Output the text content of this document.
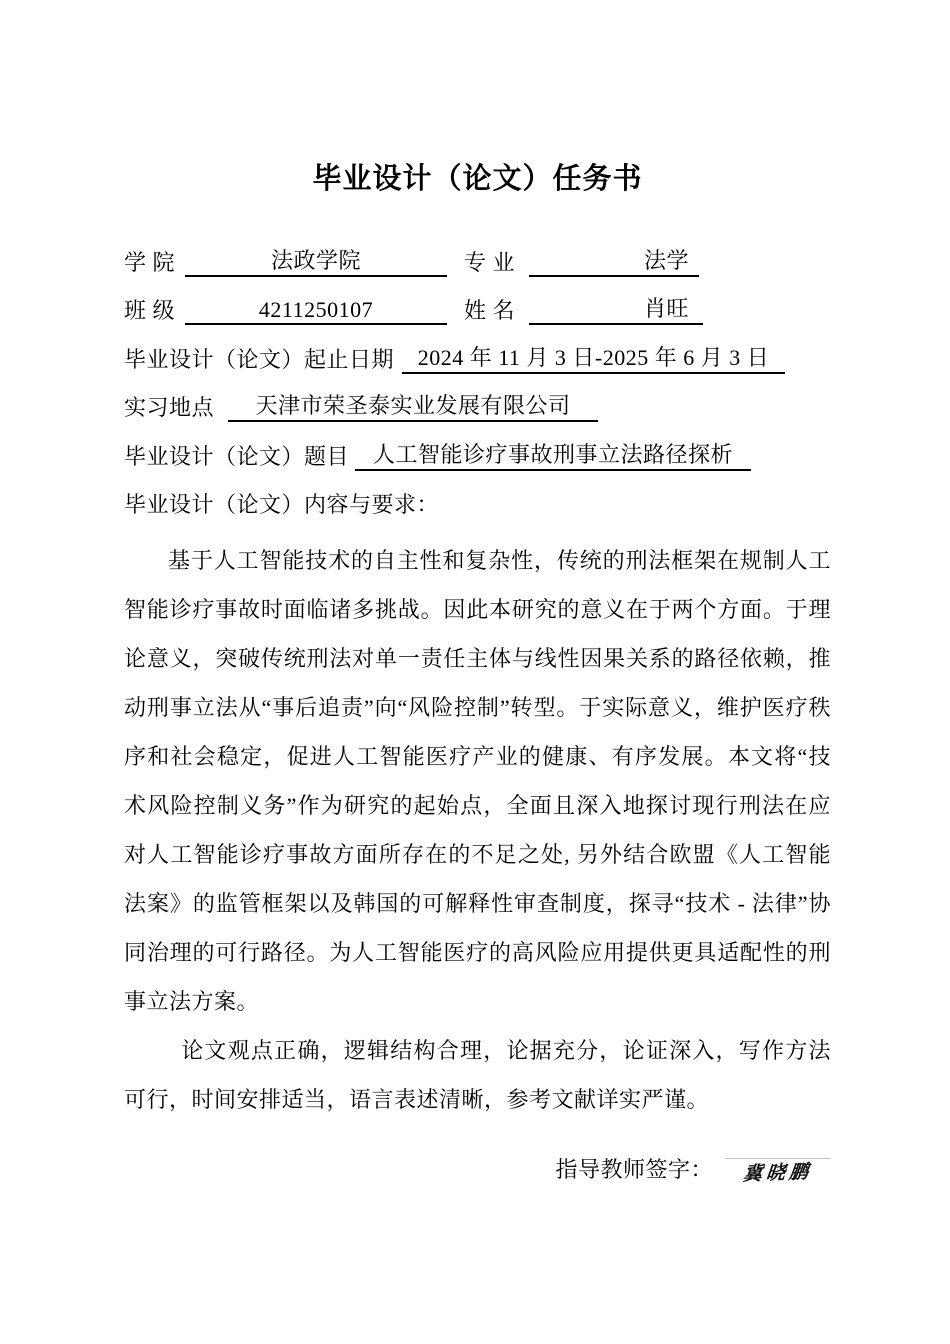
毕业设计（论文）任务书
学 院	法政学院	专 业	法学
班 级	4211250107	姓 名	肖旺
毕业设计（论文）起止日期	2024 年 11 月 3 日-2025 年 6 月 3 日
实习地点	天津市荣圣泰实业发展有限公司
毕业设计（论文）题目	人工智能诊疗事故刑事立法路径探析
毕业设计（论文）内容与要求：

基于人工智能技术的自主性和复杂性，传统的刑法框架在规制人工智能诊疗事故时面临诸多挑战。因此本研究的意义在于两个方面。于理论意义，突破传统刑法对单一责任主体与线性因果关系的路径依赖，推动刑事立法从“事后追责”向“风险控制”转型。于实际意义，维护医疗秩序和社会稳定，促进人工智能医疗产业的健康、有序发展。本文将“技术风险控制义务”作为研究的起始点，全面且深入地探讨现行刑法在应对人工智能诊疗事故方面所存在的不足之处, 另外结合欧盟《人工智能法案》的监管框架以及韩国的可解释性审查制度，探寻“技术 - 法律”协同治理的可行路径。为人工智能医疗的高风险应用提供更具适配性的刑事立法方案。

论文观点正确，逻辑结构合理，论据充分，论证深入，写作方法可行，时间安排适当，语言表述清晰，参考文献详实严谨。

指导教师签字：	冀晓鹏
